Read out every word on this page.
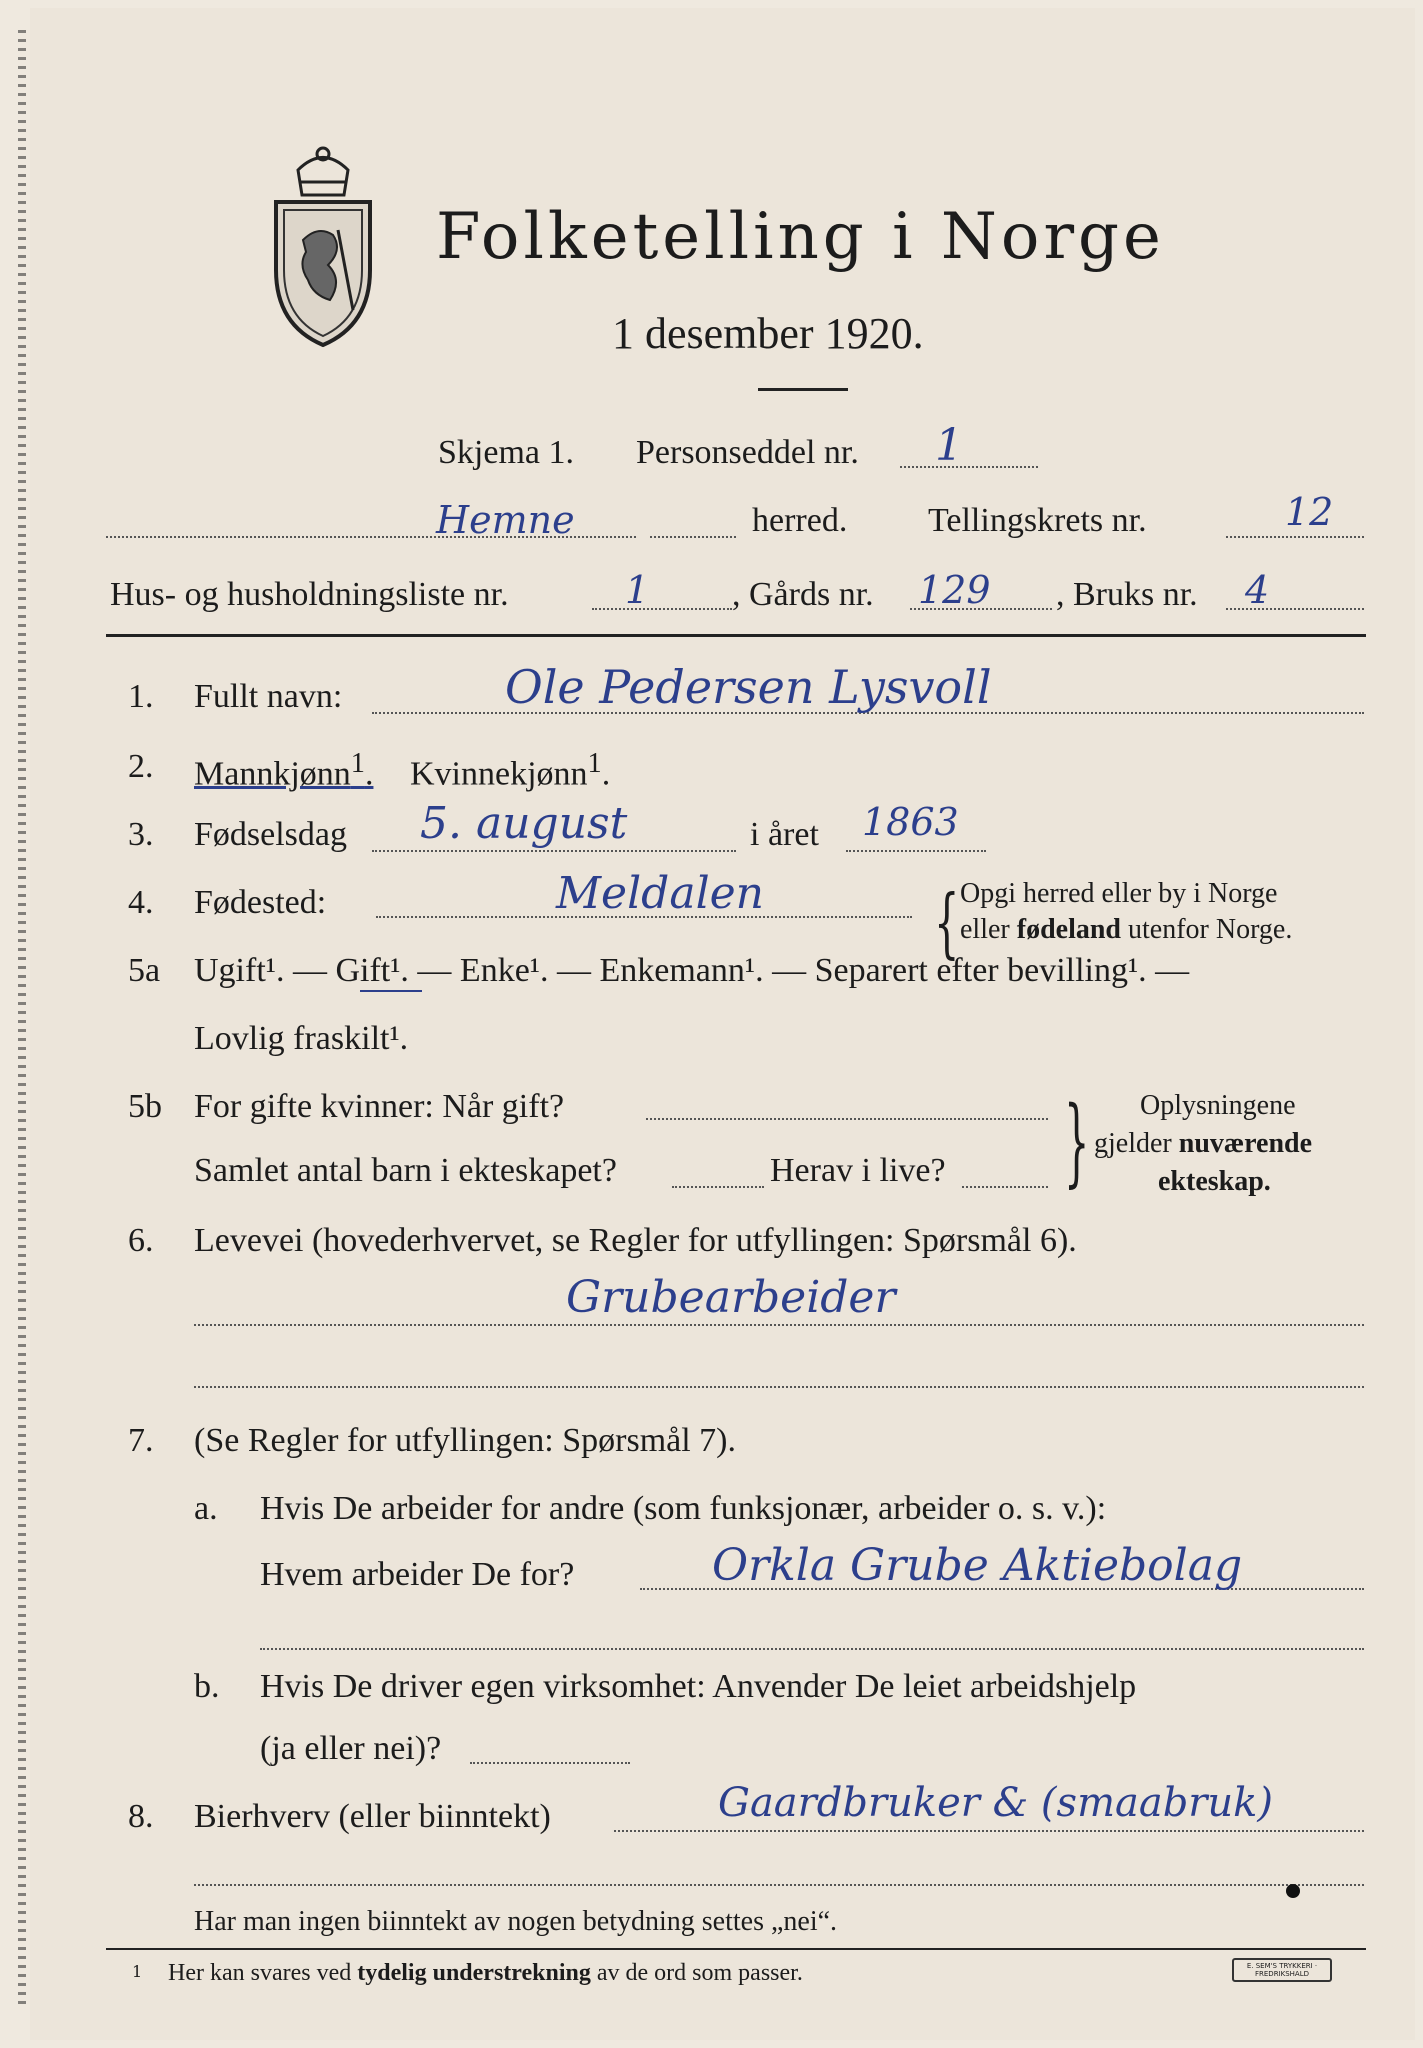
Folketelling i Norge
1 desember 1920.
Skjema 1. Personseddel nr. 1
Hemne	herred. Tellingskrets nr.	12
Hus- og husholdningsliste nr.	1 , Gårds nr. 129 , Bruks nr. 4
1. Fullt navn:	Ole Pedersen Lysvoll
2. Mannkjønn$^1$. Kvinnekjønn$^1$.
3. Fødselsdag 5. august	i året 1863
4. Fødested:	Meldalen	{ Opgi herred eller by i Norge
eller fødeland utenfor Norge.
5a Ugift¹. — Gift¹. — Enke¹. — Enkemann¹. — Separert efter bevilling¹. —
Lovlig fraskilt¹.
5b For gifte kvinner: Når gift?
Samlet antal barn i ekteskapet?	Herav i live?	} Oplysningene
gjelder nuværende
ekteskap.
6. Levevei (hovederhvervet, se Regler for utfyllingen: Spørsmål 6).
Grubearbeider
7. (Se Regler for utfyllingen: Spørsmål 7).
a. Hvis De arbeider for andre (som funksjonær, arbeider o. s. v.):
Hvem arbeider De for?	Orkla Grube Aktiebolag
b. Hvis De driver egen virksomhet: Anvender De leiet arbeidshjelp
(ja eller nei)?
8. Bierhverv (eller biinntekt)	Gaardbruker & (smaabruk)
Har man ingen biinntekt av nogen betydning settes „nei“.
1 Her kan svares ved tydelig understrekning av de ord som passer.	E. SEM'S TRYKKERI · FREDRIKSHALD
